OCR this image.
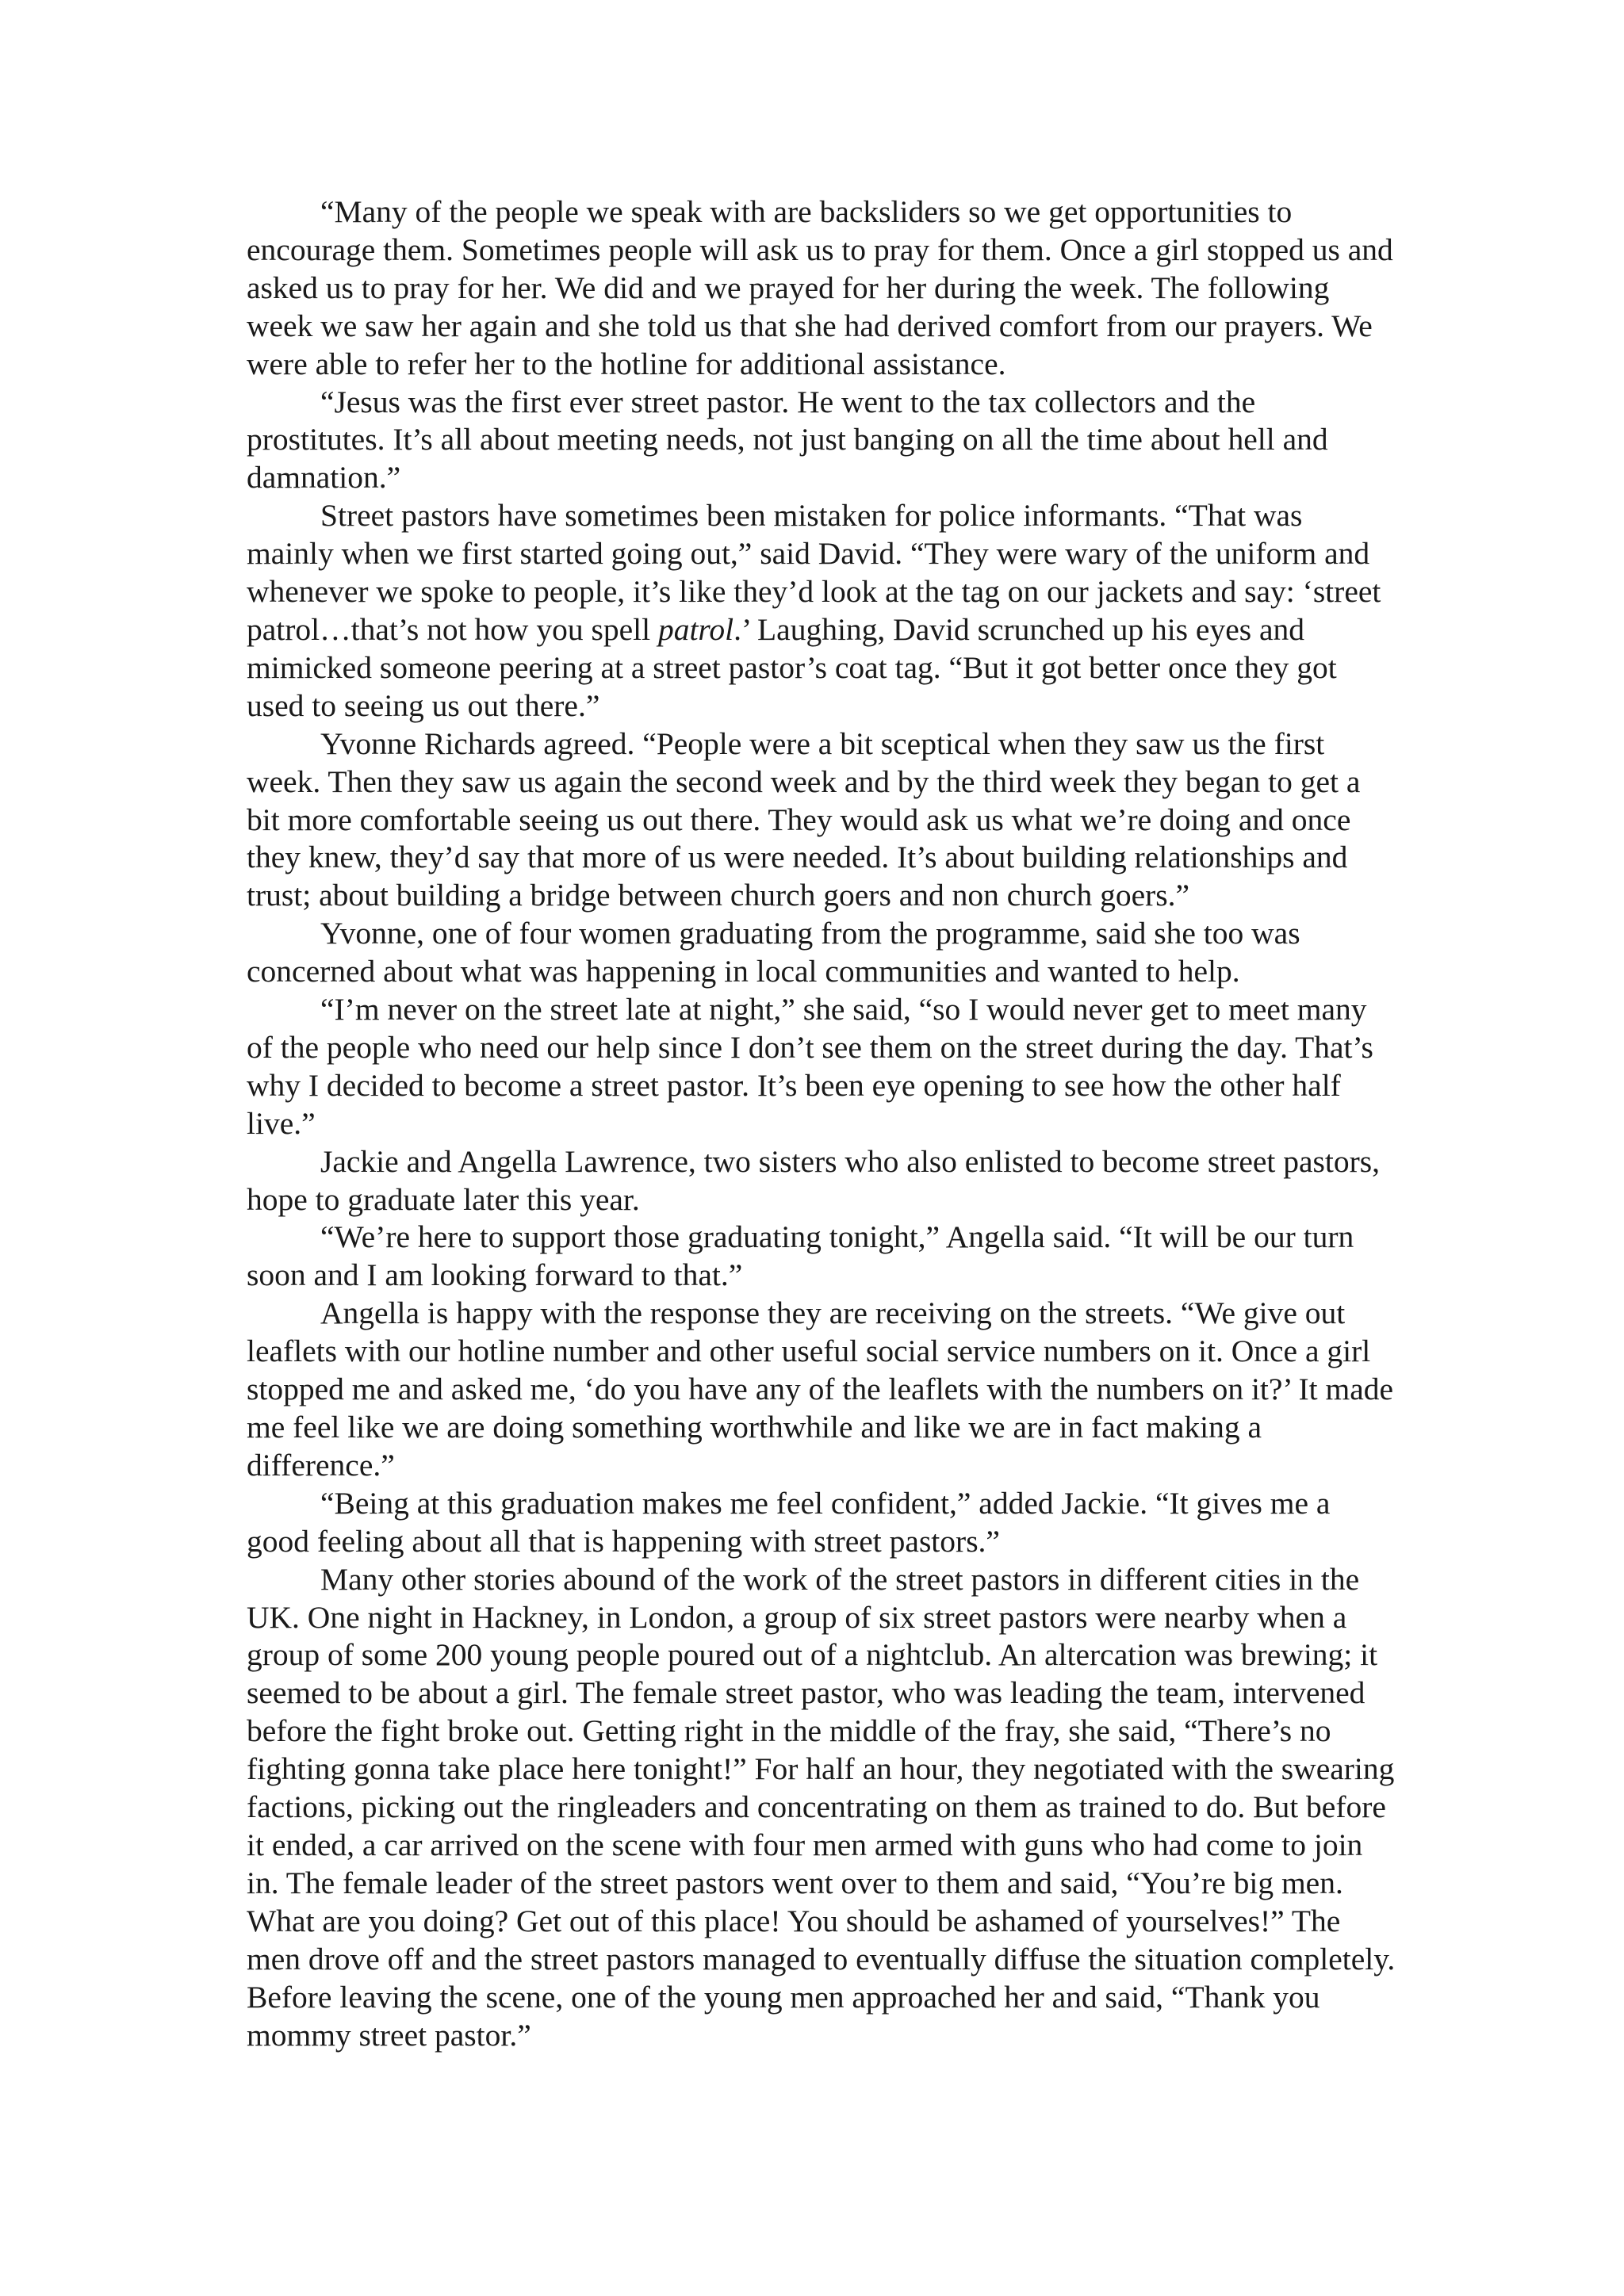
“Many of the people we speak with are backsliders so we get opportunities to encourage them. Sometimes people will ask us to pray for them. Once a girl stopped us and asked us to pray for her. We did and we prayed for her during the week. The following week we saw her again and she told us that she had derived comfort from our prayers. We were able to refer her to the hotline for additional assistance.

“Jesus was the first ever street pastor. He went to the tax collectors and the prostitutes. It’s all about meeting needs, not just banging on all the time about hell and damnation.”

Street pastors have sometimes been mistaken for police informants. “That was mainly when we first started going out,” said David. “They were wary of the uniform and whenever we spoke to people, it’s like they’d look at the tag on our jackets and say: ‘street patrol…that’s not how you spell patrol.’ Laughing, David scrunched up his eyes and mimicked someone peering at a street pastor’s coat tag. “But it got better once they got used to seeing us out there.”

Yvonne Richards agreed. “People were a bit sceptical when they saw us the first week. Then they saw us again the second week and by the third week they began to get a bit more comfortable seeing us out there. They would ask us what we’re doing and once they knew, they’d say that more of us were needed. It’s about building relationships and trust; about building a bridge between church goers and non church goers.”

Yvonne, one of four women graduating from the programme, said she too was concerned about what was happening in local communities and wanted to help.

“I’m never on the street late at night,” she said, “so I would never get to meet many of the people who need our help since I don’t see them on the street during the day. That’s why I decided to become a street pastor. It’s been eye opening to see how the other half live.”

Jackie and Angella Lawrence, two sisters who also enlisted to become street pastors, hope to graduate later this year.

“We’re here to support those graduating tonight,” Angella said. “It will be our turn soon and I am looking forward to that.”

Angella is happy with the response they are receiving on the streets. “We give out leaflets with our hotline number and other useful social service numbers on it. Once a girl stopped me and asked me, ‘do you have any of the leaflets with the numbers on it?’ It made me feel like we are doing something worthwhile and like we are in fact making a difference.”

“Being at this graduation makes me feel confident,” added Jackie. “It gives me a good feeling about all that is happening with street pastors.”

Many other stories abound of the work of the street pastors in different cities in the UK. One night in Hackney, in London, a group of six street pastors were nearby when a group of some 200 young people poured out of a nightclub. An altercation was brewing; it seemed to be about a girl. The female street pastor, who was leading the team, intervened before the fight broke out. Getting right in the middle of the fray, she said, “There’s no fighting gonna take place here tonight!” For half an hour, they negotiated with the swearing factions, picking out the ringleaders and concentrating on them as trained to do. But before it ended, a car arrived on the scene with four men armed with guns who had come to join in. The female leader of the street pastors went over to them and said, “You’re big men. What are you doing? Get out of this place! You should be ashamed of yourselves!” The men drove off and the street pastors managed to eventually diffuse the situation completely. Before leaving the scene, one of the young men approached her and said, “Thank you mommy street pastor.”
